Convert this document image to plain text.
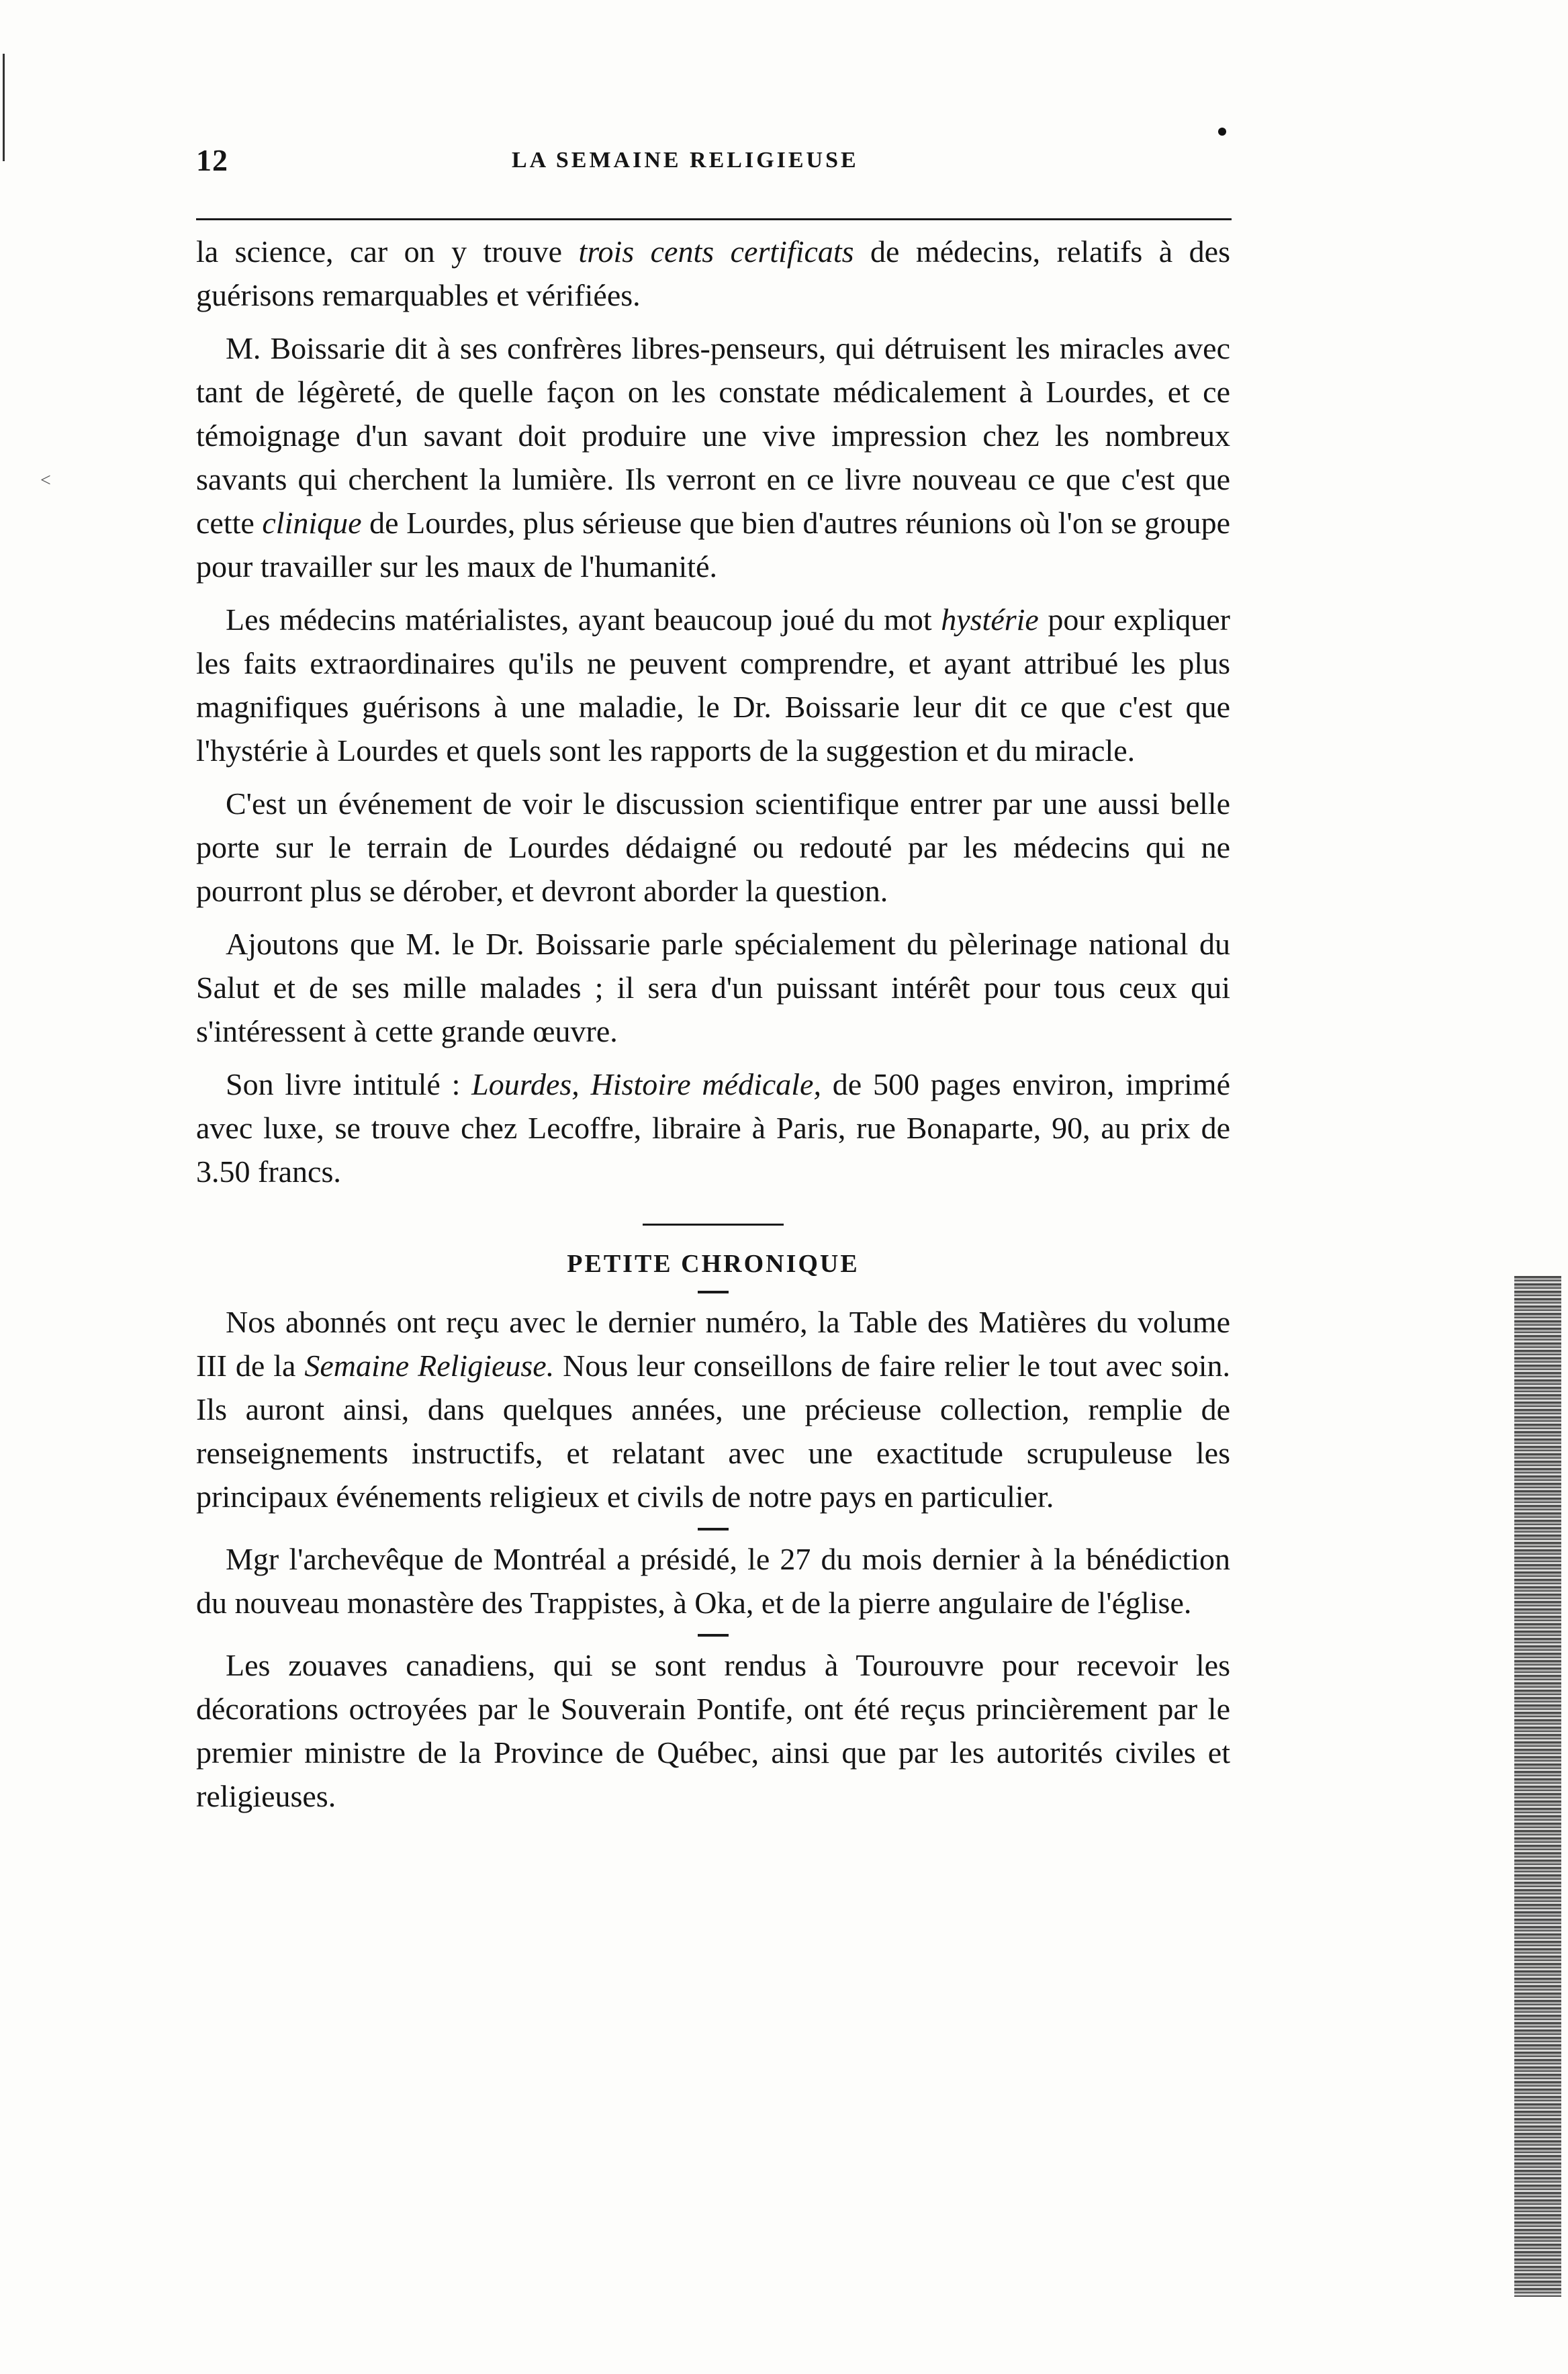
<
12	LA SEMAINE RELIGIEUSE

la science, car on y trouve trois cents certificats de médecins, relatifs à des guérisons remarquables et vérifiées.

M. Boissarie dit à ses confrères libres-penseurs, qui détruisent les miracles avec tant de légèreté, de quelle façon on les constate médicalement à Lourdes, et ce témoignage d'un savant doit produire une vive impression chez les nombreux savants qui cherchent la lumière. Ils verront en ce livre nouveau ce que c'est que cette clinique de Lourdes, plus sérieuse que bien d'autres réunions où l'on se groupe pour travailler sur les maux de l'humanité.

Les médecins matérialistes, ayant beaucoup joué du mot hystérie pour expliquer les faits extraordinaires qu'ils ne peuvent comprendre, et ayant attribué les plus magnifiques guérisons à une maladie, le Dr. Boissarie leur dit ce que c'est que l'hystérie à Lourdes et quels sont les rapports de la suggestion et du miracle.

C'est un événement de voir le discussion scientifique entrer par une aussi belle porte sur le terrain de Lourdes dédaigné ou redouté par les médecins qui ne pourront plus se dérober, et devront aborder la question.

Ajoutons que M. le Dr. Boissarie parle spécialement du pèlerinage national du Salut et de ses mille malades ; il sera d'un puissant intérêt pour tous ceux qui s'intéressent à cette grande œuvre.

Son livre intitulé : Lourdes, Histoire médicale, de 500 pages environ, imprimé avec luxe, se trouve chez Lecoffre, libraire à Paris, rue Bonaparte, 90, au prix de 3.50 francs.

PETITE CHRONIQUE

Nos abonnés ont reçu avec le dernier numéro, la Table des Matières du volume III de la Semaine Religieuse. Nous leur conseillons de faire relier le tout avec soin. Ils auront ainsi, dans quelques années, une précieuse collection, remplie de renseignements instructifs, et relatant avec une exactitude scrupuleuse les principaux événements religieux et civils de notre pays en particulier.

Mgr l'archevêque de Montréal a présidé, le 27 du mois dernier à la bénédiction du nouveau monastère des Trappistes, à Oka, et de la pierre angulaire de l'église.

Les zouaves canadiens, qui se sont rendus à Tourouvre pour recevoir les décorations octroyées par le Souverain Pontife, ont été reçus princièrement par le premier ministre de la Province de Québec, ainsi que par les autorités civiles et religieuses.
